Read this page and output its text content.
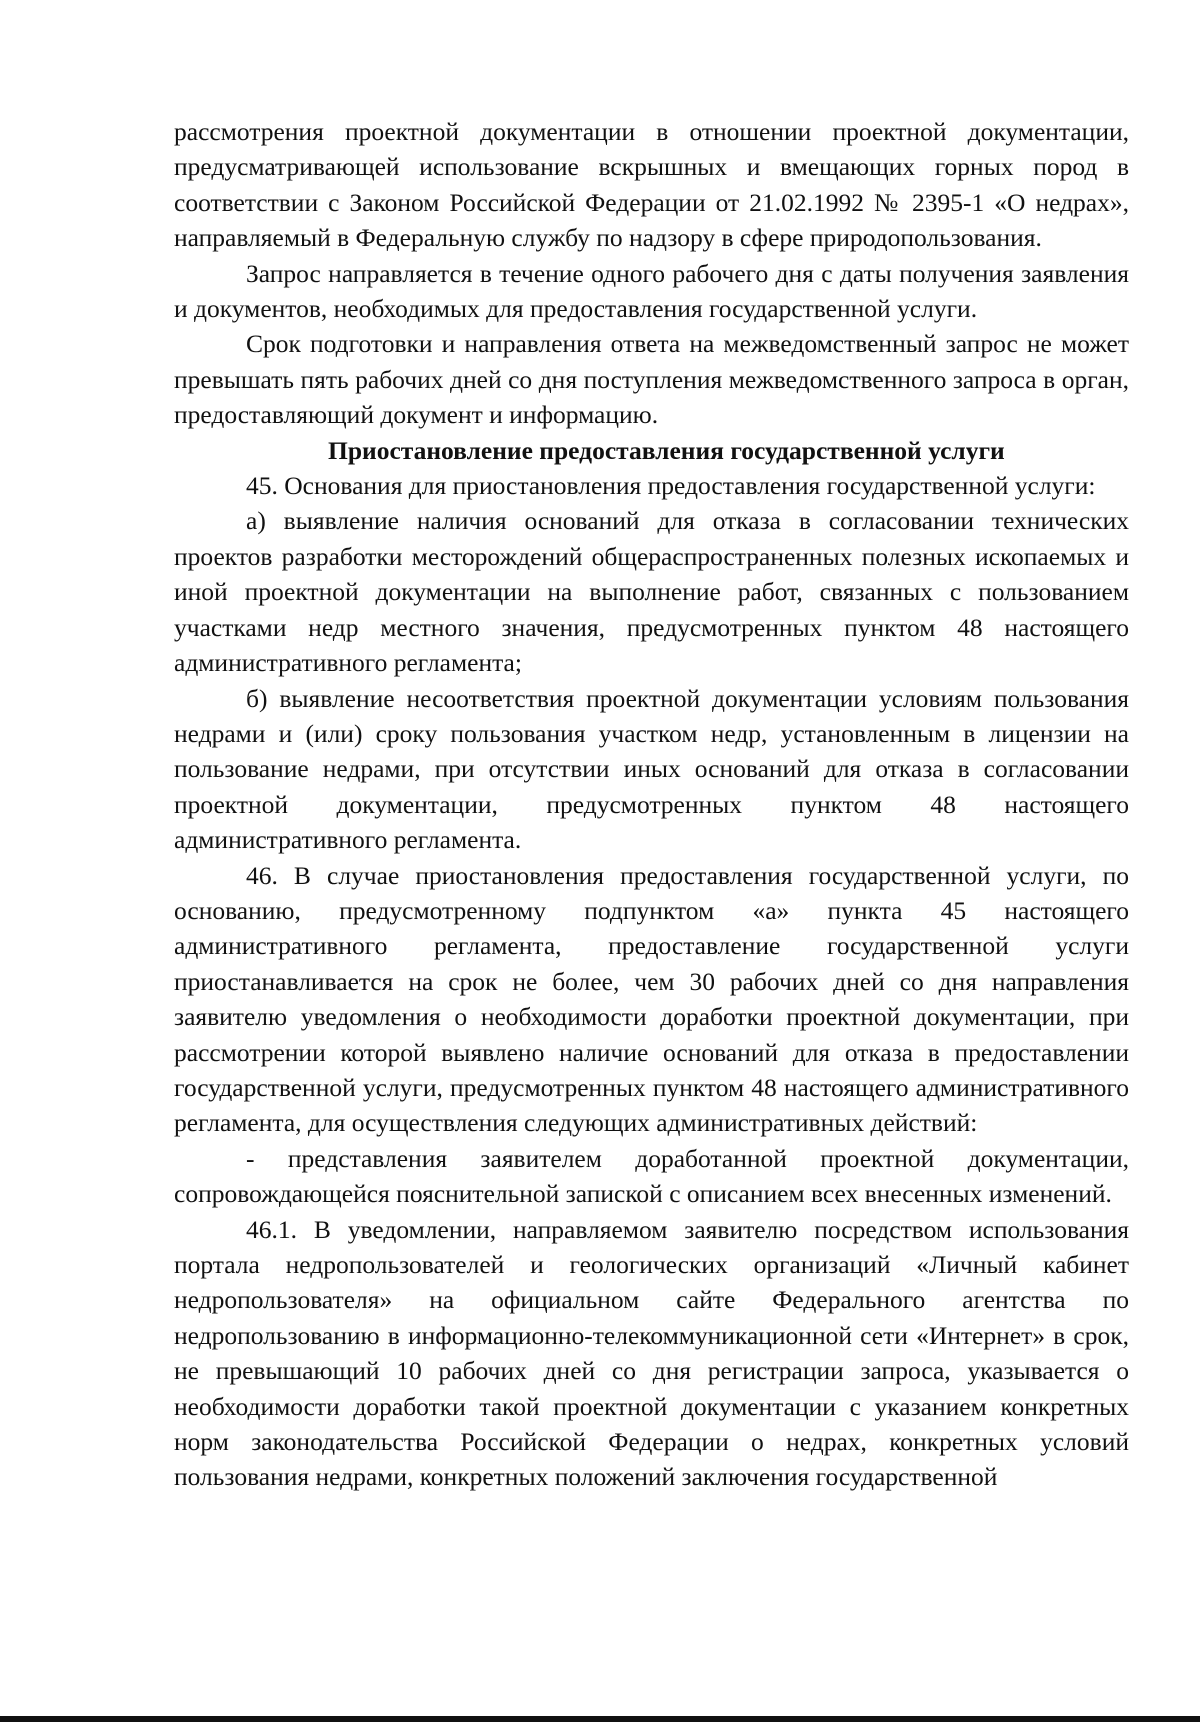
рассмотрения проектной документации в отношении проектной документации, предусматривающей использование вскрышных и вмещающих горных пород в соответствии с Законом Российской Федерации от 21.02.1992 № 2395-1 «О недрах», направляемый в Федеральную службу по надзору в сфере природопользования.

Запрос направляется в течение одного рабочего дня с даты получения заявления и документов, необходимых для предоставления государственной услуги.

Срок подготовки и направления ответа на межведомственный запрос не может превышать пять рабочих дней со дня поступления межведомственного запроса в орган, предоставляющий документ и информацию.

Приостановление предоставления государственной услуги

45. Основания для приостановления предоставления государственной услуги:

а) выявление наличия оснований для отказа в согласовании технических проектов разработки месторождений общераспространенных полезных ископаемых и иной проектной документации на выполнение работ, связанных с пользованием участками недр местного значения, предусмотренных пунктом 48 настоящего административного регламента;

б) выявление несоответствия проектной документации условиям пользования недрами и (или) сроку пользования участком недр, установленным в лицензии на пользование недрами, при отсутствии иных оснований для отказа в согласовании проектной документации, предусмотренных пунктом 48 настоящего административного регламента.

46. В случае приостановления предоставления государственной услуги, по основанию, предусмотренному подпунктом «а» пункта 45 настоящего административного регламента, предоставление государственной услуги приостанавливается на срок не более, чем 30 рабочих дней со дня направления заявителю уведомления о необходимости доработки проектной документации, при рассмотрении которой выявлено наличие оснований для отказа в предоставлении государственной услуги, предусмотренных пунктом 48 настоящего административного регламента, для осуществления следующих административных действий:

- представления заявителем доработанной проектной документации, сопровождающейся пояснительной запиской с описанием всех внесенных изменений.

46.1. В уведомлении, направляемом заявителю посредством использования портала недропользователей и геологических организаций «Личный кабинет недропользователя» на официальном сайте Федерального агентства по недропользованию в информационно-телекоммуникационной сети «Интернет» в срок, не превышающий 10 рабочих дней со дня регистрации запроса, указывается о необходимости доработки такой проектной документации с указанием конкретных норм законодательства Российской Федерации о недрах, конкретных условий пользования недрами, конкретных положений заключения государственной
